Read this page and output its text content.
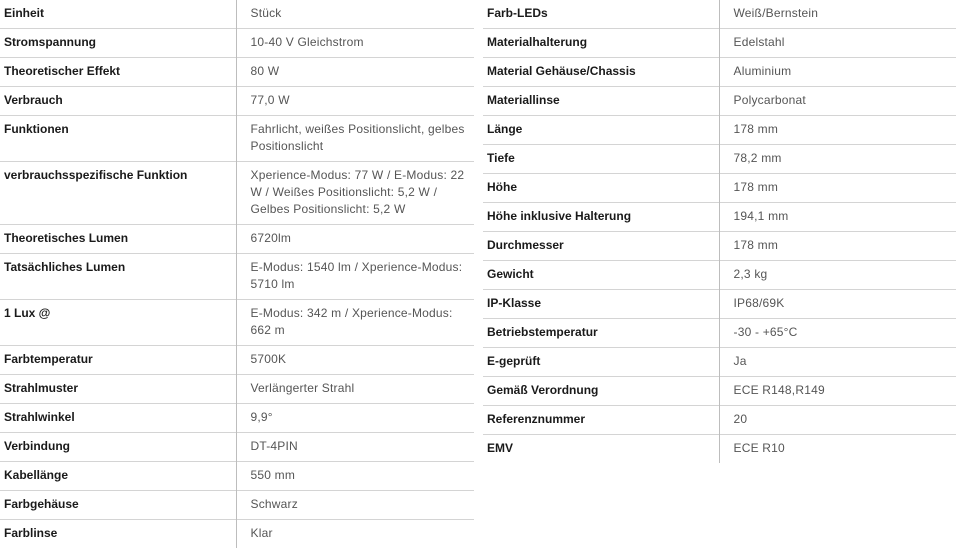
Einheit	Stück
Stromspannung	10-40 V Gleichstrom
Theoretischer Effekt	80 W
Verbrauch	77,0 W
Funktionen	Fahrlicht, weißes Positionslicht, gelbes Positionslicht
verbrauchsspezifische Funktion	Xperience-Modus: 77 W / E-Modus: 22 W / Weißes Positionslicht: 5,2 W / Gelbes Positionslicht: 5,2 W
Theoretisches Lumen	6720lm
Tatsächliches Lumen	E-Modus: 1540 lm / Xperience-Modus: 5710 lm
1 Lux @	E-Modus: 342 m / Xperience-Modus: 662 m
Farbtemperatur	5700K
Strahlmuster	Verlängerter Strahl
Strahlwinkel	9,9°
Verbindung	DT-4PIN
Kabellänge	550 mm
Farbgehäuse	Schwarz
Farblinse	Klar
Farb-LEDs	Weiß/Bernstein
Materialhalterung	Edelstahl
Material Gehäuse/Chassis	Aluminium
Materiallinse	Polycarbonat
Länge	178 mm
Tiefe	78,2 mm
Höhe	178 mm
Höhe inklusive Halterung	194,1 mm
Durchmesser	178 mm
Gewicht	2,3 kg
IP-Klasse	IP68/69K
Betriebstemperatur	-30 - +65°C
E-geprüft	Ja
Gemäß Verordnung	ECE R148,R149
Referenznummer	20
EMV	ECE R10
